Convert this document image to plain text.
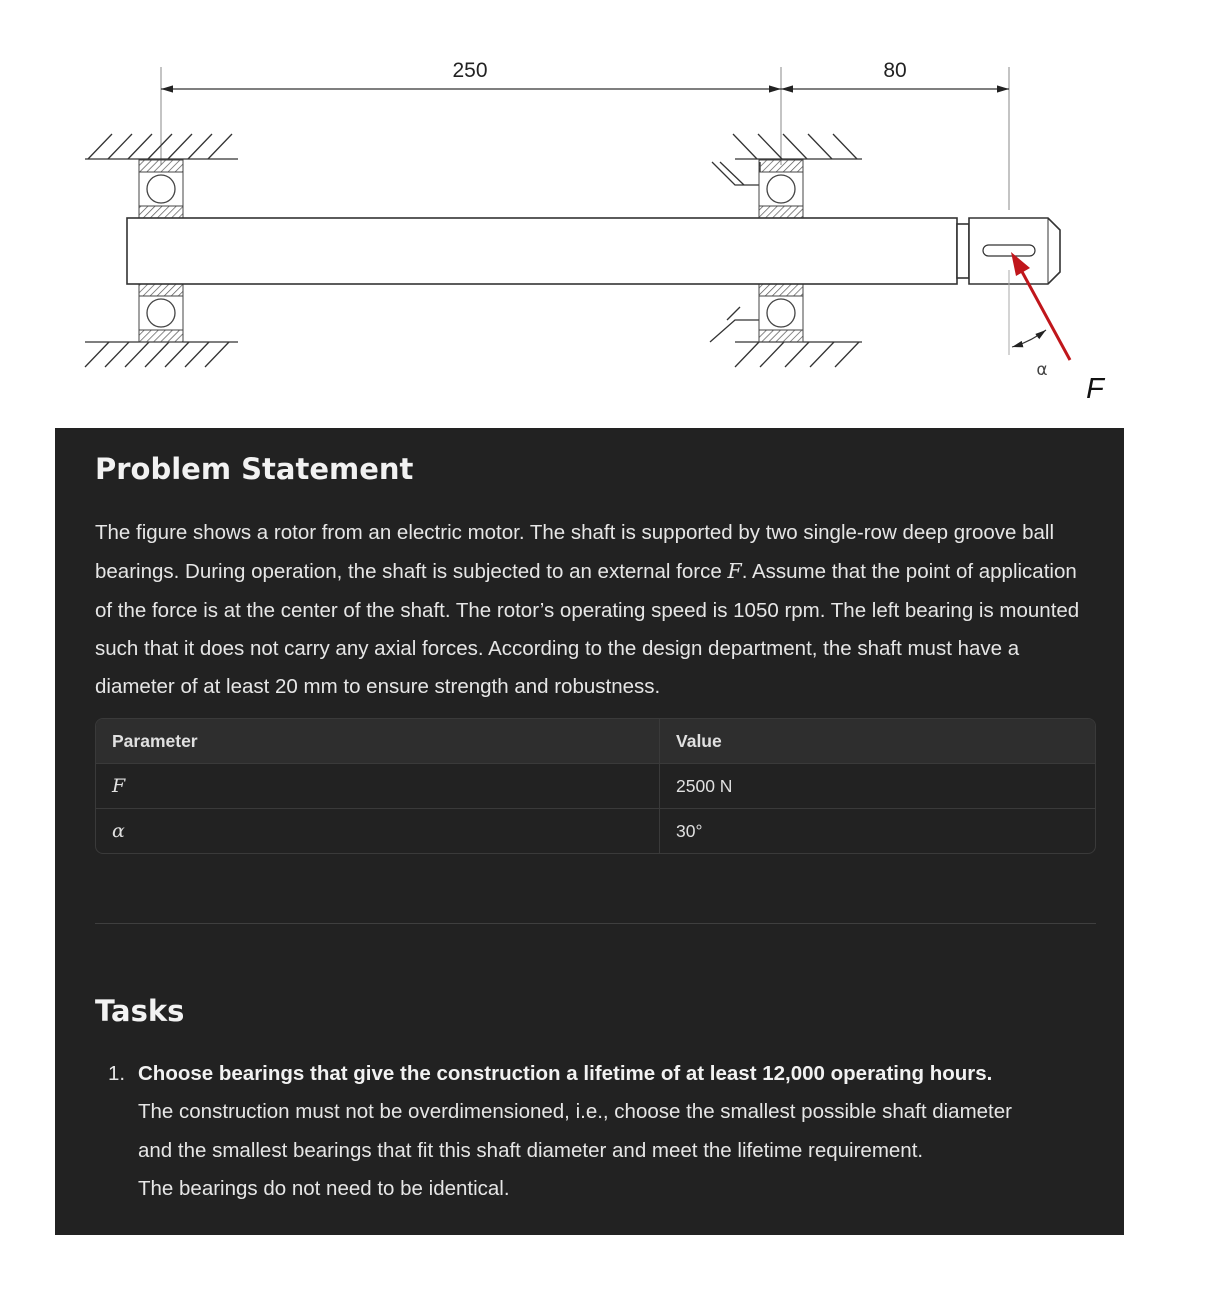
250	80
α
F
Problem Statement

The figure shows a rotor from an electric motor. The shaft is supported by two single-row deep groove ball bearings. During operation, the shaft is subjected to an external force F. Assume that the point of application of the force is at the center of the shaft. The rotor’s operating speed is 1050 rpm. The left bearing is mounted such that it does not carry any axial forces. According to the design department, the shaft must have a diameter of at least 20 mm to ensure strength and robustness.

Parameter	Value
F	2500 N
α	30°
Tasks
1. Choose bearings that give the construction a lifetime of at least 12,000 operating hours.
The construction must not be overdimensioned, i.e., choose the smallest possible shaft diameter
and the smallest bearings that fit this shaft diameter and meet the lifetime requirement.
The bearings do not need to be identical.
